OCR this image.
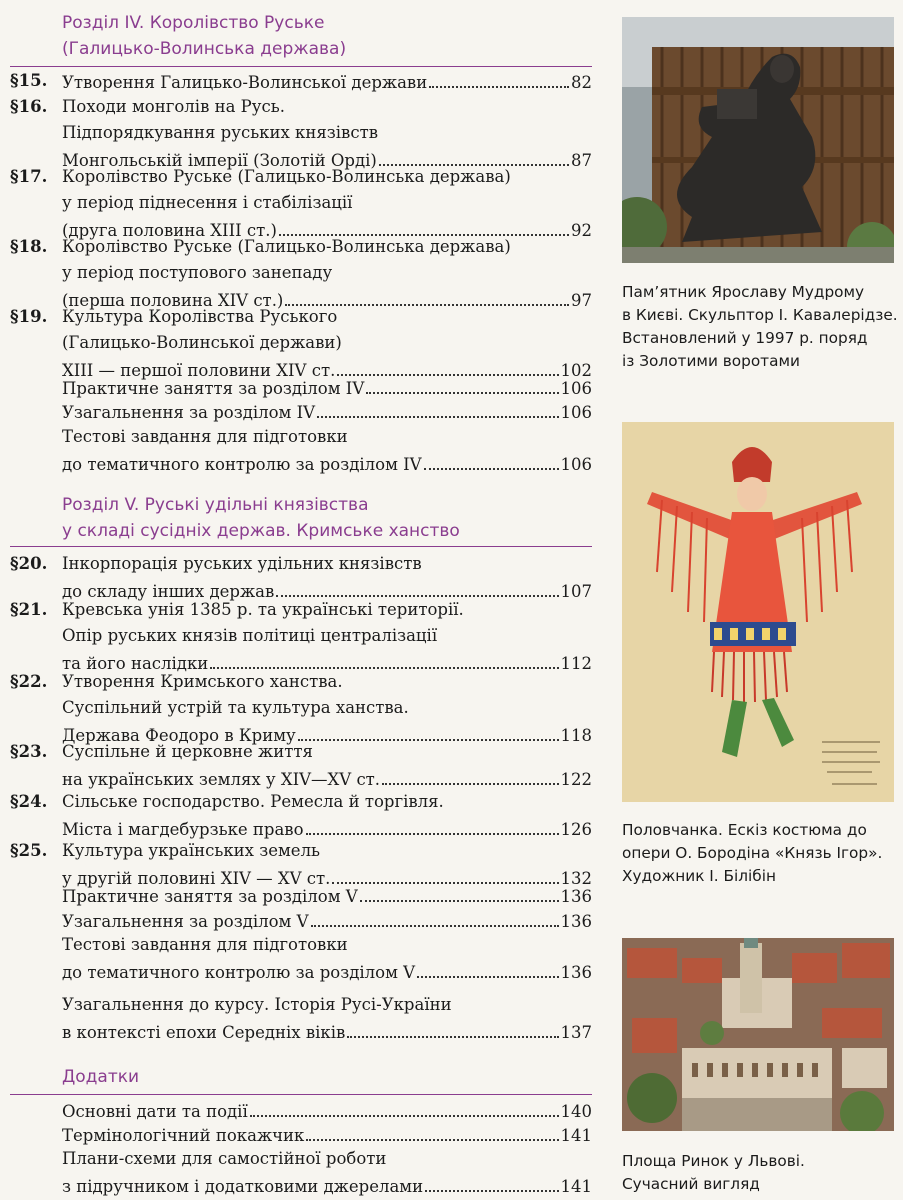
Розділ IV. Королівство Руське
(Галицько-Волинська держава)
§15. Утворення Галицько-Волинської держави	82
§16. Походи монголів на Русь.
Підпорядкування руських князівств
Монгольській імперії (Золотій Орді)	87
§17. Королівство Руське (Галицько-Волинська держава)
у період піднесення і стабілізації
(друга половина XIII ст.)	92
§18. Королівство Руське (Галицько-Волинська держава)
у період поступового занепаду
(перша половина XIV ст.)	97
§19. Культура Королівства Руського
(Галицько-Волинської держави)
XIII — першої половини XIV ст.	102
Практичне заняття за розділом IV	106
Узагальнення за розділом IV	106
Тестові завдання для підготовки
до тематичного контролю за розділом IV	106
Розділ V. Руські удільні князівства
у складі сусідніх держав. Кримське ханство
§20. Інкорпорація руських удільних князівств
до складу інших держав	107
§21. Кревська унія 1385 р. та українські території.
Опір руських князів політиці централізації
та його наслідки	112
§22. Утворення Кримського ханства.
Суспільний устрій та культура ханства.
Держава Феодоро в Криму	118
§23. Суспільне й церковне життя
на українських землях у XIV—XV ст.	122
§24. Сільське господарство. Ремесла й торгівля.
Міста і магдебурзьке право	126
§25. Культура українських земель
у другій половині XIV — XV ст.	132
Практичне заняття за розділом V	136
Узагальнення за розділом V	136
Тестові завдання для підготовки
до тематичного контролю за розділом V	136
Узагальнення до курсу. Історія Русі-України
в контексті епохи Середніх віків	137
Додатки
Основні дати та події	140
Термінологічний покажчик	141
Плани-схеми для самостійної роботи
з підручником і додатковими джерелами	141
Пам’ятник Ярославу Мудрому
в Києві. Скульптор І. Кавалерідзе.
Встановлений у 1997 р. поряд
із Золотими воротами
Половчанка. Ескіз костюма до
опери О. Бородіна «Князь Ігор».
Художник І. Білібін
Площа Ринок у Львові.
Сучасний вигляд
